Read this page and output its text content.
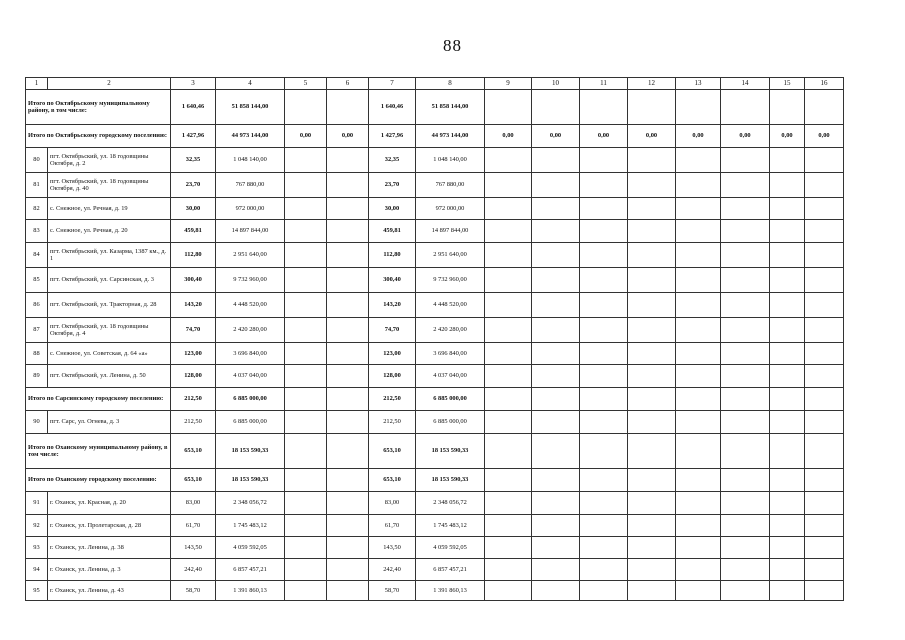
88
1	2	3	4	5	6	7	8	9	10	11	12	13	14	15	16
Итого по Октябрьскому муниципальному району, в том числе:		1 640,46	51 858 144,00			1 640,46	51 858 144,00								
Итого по Октябрьскому городскому поселению:		1 427,96	44 973 144,00	0,00	0,00	1 427,96	44 973 144,00	0,00	0,00	0,00	0,00	0,00	0,00	0,00	0,00
80	пгт. Октябрьский, ул. 18 годовщины Октября, д. 2	32,35	1 048 140,00			32,35	1 048 140,00								
81	пгт. Октябрьский, ул. 18 годовщины Октября, д. 40	23,70	767 880,00			23,70	767 880,00								
82	с. Снежное, ул. Речная, д. 19	30,00	972 000,00			30,00	972 000,00								
83	с. Снежное, ул. Речная, д. 20	459,81	14 897 844,00			459,81	14 897 844,00								
84	пгт. Октябрьский, ул. Казарма, 1387 км., д. 1	112,80	2 951 640,00			112,80	2 951 640,00								
85	пгт. Октябрьский, ул. Сарсинская, д. 3	300,40	9 732 960,00			300,40	9 732 960,00								
86	пгт. Октябрьский, ул. Тракторная, д. 28	143,20	4 448 520,00			143,20	4 448 520,00								
87	пгт. Октябрьский, ул. 18 годовщины Октября, д. 4	74,70	2 420 280,00			74,70	2 420 280,00								
88	с. Снежное, ул. Советская, д. 64 «а»	123,00	3 696 840,00			123,00	3 696 840,00								
89	пгт. Октябрьский, ул. Ленина, д. 50	128,00	4 037 040,00			128,00	4 037 040,00								
Итого по Сарсинскому городскому поселению:		212,50	6 885 000,00			212,50	6 885 000,00								
90	пгт. Сарс, ул. Огнева, д. 3	212,50	6 885 000,00			212,50	6 885 000,00								
Итого по Оханскому муниципальному району, в том числе:		653,10	18 153 590,33			653,10	18 153 590,33								
Итого по Оханскому городскому поселению:		653,10	18 153 590,33			653,10	18 153 590,33								
91	г. Оханск, ул. Красная, д. 20	83,00	2 348 056,72			83,00	2 348 056,72								
92	г. Оханск, ул. Пролетарская, д. 28	61,70	1 745 483,12			61,70	1 745 483,12								
93	г. Оханск, ул. Ленина, д. 38	143,50	4 059 592,05			143,50	4 059 592,05								
94	г. Оханск, ул. Ленина, д. 3	242,40	6 857 457,21			242,40	6 857 457,21								
95	г. Оханск, ул. Ленина, д. 43	58,70	1 391 860,13			58,70	1 391 860,13								
